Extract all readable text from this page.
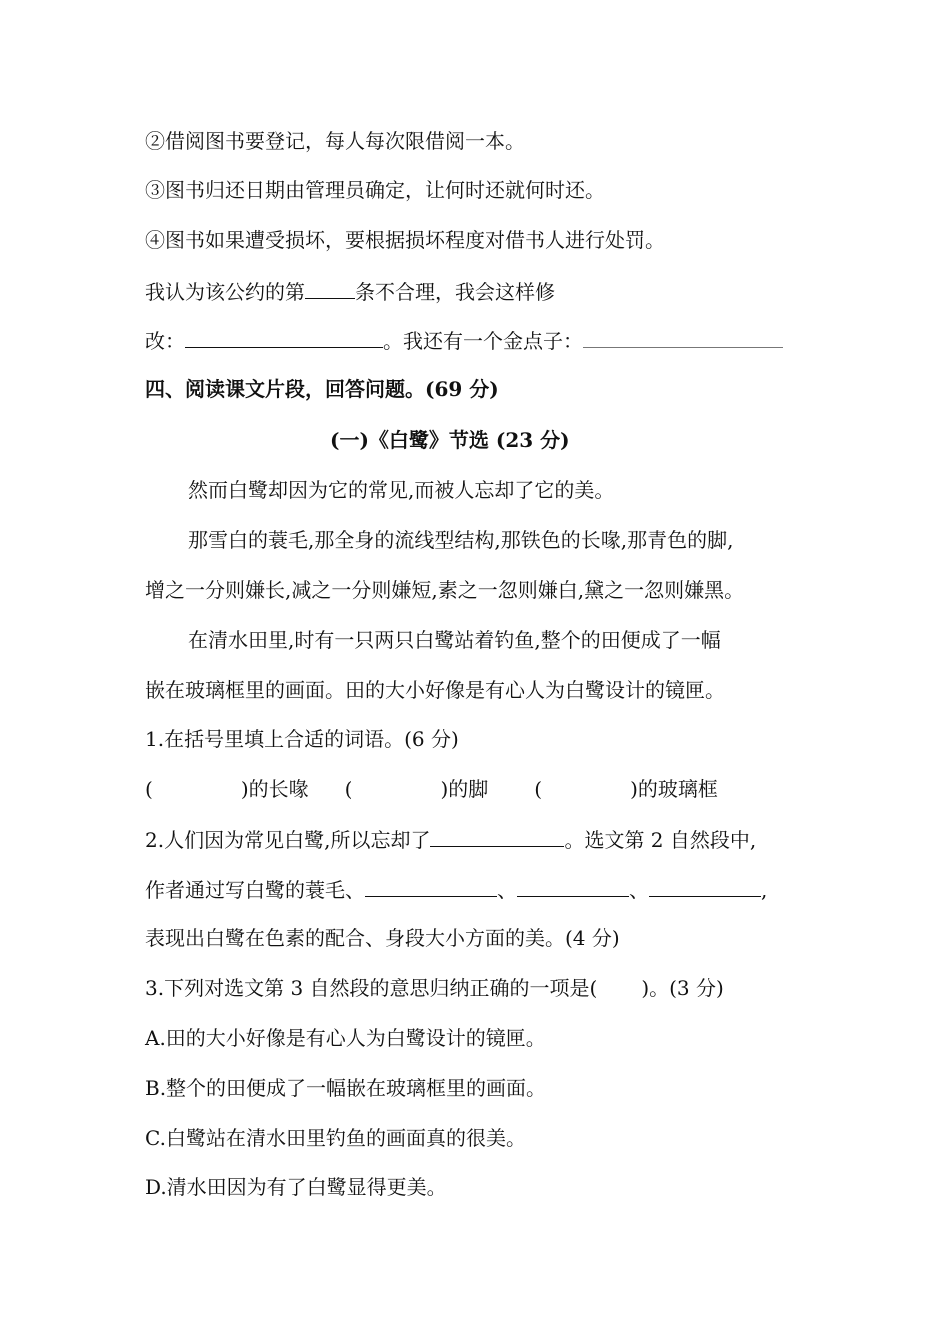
②借阅图书要登记，每人每次限借阅一本。
③图书归还日期由管理员确定，让何时还就何时还。
④图书如果遭受损坏，要根据损坏程度对借书人进行处罚。
我认为该公约的第	条不合理，我会这样修
改：	。我还有一个金点子：
四、阅读课文片段，回答问题。(69 分)
(一)《白鹭》节选 (23 分)
然而白鹭却因为它的常见,而被人忘却了它的美。
那雪白的蓑毛,那全身的流线型结构,那铁色的长喙,那青色的脚,
增之一分则嫌长,减之一分则嫌短,素之一忽则嫌白,黛之一忽则嫌黑。
在清水田里,时有一只两只白鹭站着钓鱼,整个的田便成了一幅
嵌在玻璃框里的画面。田的大小好像是有心人为白鹭设计的镜匣。
1.在括号里填上合适的词语。(6 分)
(	)的长喙 (	)的脚 (	)的玻璃框
2.人们因为常见白鹭,所以忘却了	。选文第 2 自然段中,
作者通过写白鹭的蓑毛、	、	、	,
表现出白鹭在色素的配合、身段大小方面的美。(4 分)
3.下列对选文第 3 自然段的意思归纳正确的一项是( )。(3 分)
A.田的大小好像是有心人为白鹭设计的镜匣。
B.整个的田便成了一幅嵌在玻璃框里的画面。
C.白鹭站在清水田里钓鱼的画面真的很美。
D.清水田因为有了白鹭显得更美。
